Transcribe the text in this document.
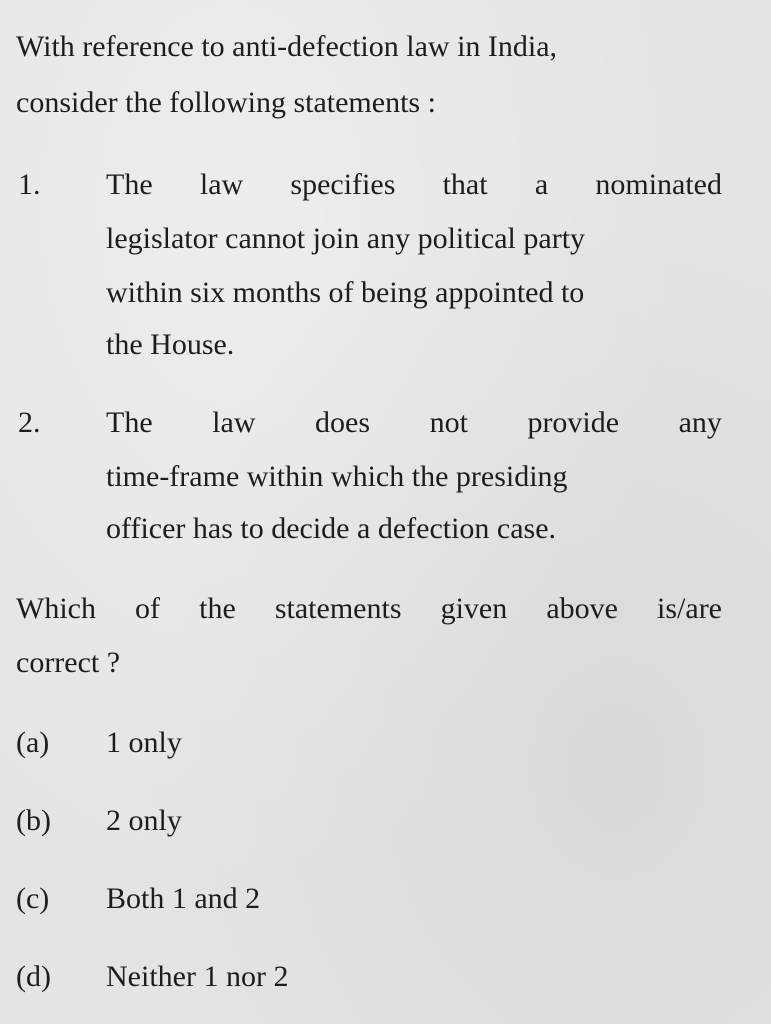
With reference to anti-defection law in India,
consider the following statements :
1. The law specifies that a nominated
legislator cannot join any political party
within six months of being appointed to
the House.
2. The law does not provide any
time-frame within which the presiding
officer has to decide a defection case.
Which of the statements given above is/are
correct ?
(a) 1 only
(b) 2 only
(c) Both 1 and 2
(d) Neither 1 nor 2
